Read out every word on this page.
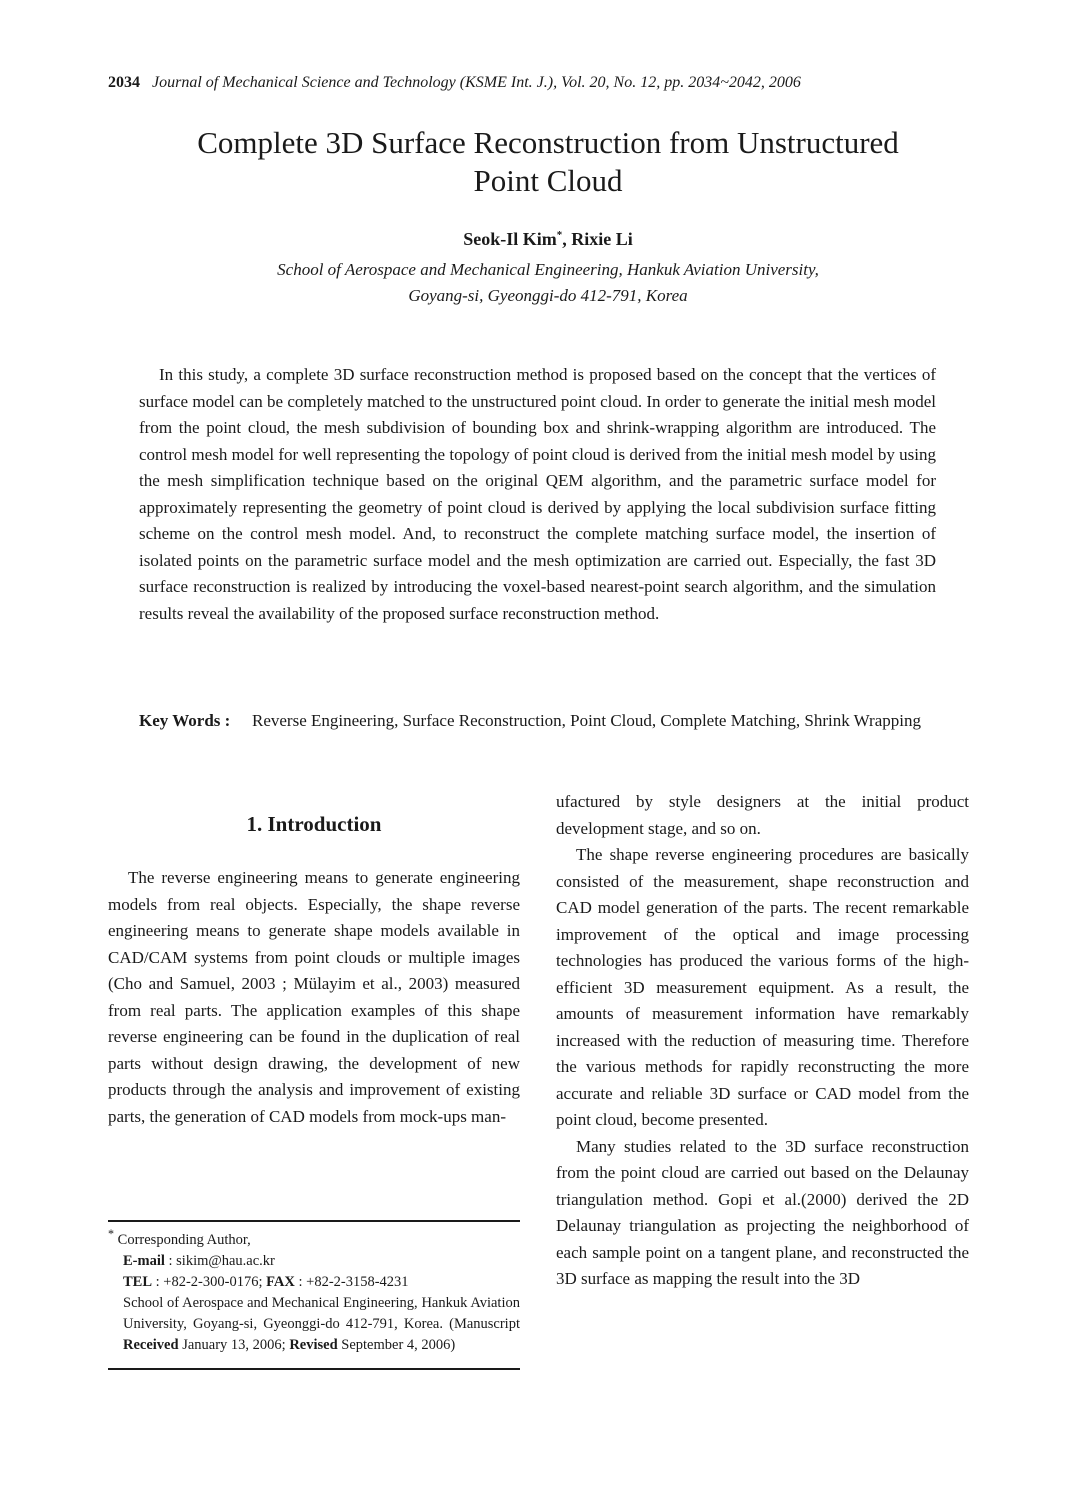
2034 Journal of Mechanical Science and Technology (KSME Int. J.), Vol. 20, No. 12, pp. 2034~2042, 2006
Complete 3D Surface Reconstruction from Unstructured
Point Cloud
Seok-Il Kim*, Rixie Li
School of Aerospace and Mechanical Engineering, Hankuk Aviation University,
Goyang-si, Gyeonggi-do 412-791, Korea

In this study, a complete 3D surface reconstruction method is proposed based on the concept that the vertices of surface model can be completely matched to the unstructured point cloud. In order to generate the initial mesh model from the point cloud, the mesh subdivision of bounding box and shrink-wrapping algorithm are introduced. The control mesh model for well representing the topology of point cloud is derived from the initial mesh model by using the mesh simplification technique based on the original QEM algorithm, and the parametric surface model for approximately representing the geometry of point cloud is derived by applying the local subdivision surface fitting scheme on the control mesh model. And, to reconstruct the complete matching surface model, the insertion of isolated points on the parametric surface model and the mesh optimization are carried out. Especially, the fast 3D surface reconstruction is realized by introducing the voxel-based nearest-point search algorithm, and the simulation results reveal the availability of the proposed surface reconstruction method.

Key Words : Reverse Engineering, Surface Reconstruction, Point Cloud, Complete Matching, Shrink Wrapping
1. Introduction

The reverse engineering means to generate engineering models from real objects. Especially, the shape reverse engineering means to generate shape models available in CAD/CAM systems from point clouds or multiple images (Cho and Samuel, 2003 ; Mülayim et al., 2003) measured from real parts. The application examples of this shape reverse engineering can be found in the duplication of real parts without design drawing, the development of new products through the analysis and improvement of existing parts, the generation of CAD models from mock-ups man-

* Corresponding Author,
E-mail : sikim@hau.ac.kr
TEL : +82-2-300-0176; FAX : +82-2-3158-4231
School of Aerospace and Mechanical Engineering, Hankuk Aviation University, Goyang-si, Gyeonggi-do 412-791, Korea. (Manuscript Received January 13, 2006; Revised September 4, 2006)

ufactured by style designers at the initial product development stage, and so on.

The shape reverse engineering procedures are basically consisted of the measurement, shape reconstruction and CAD model generation of the parts. The recent remarkable improvement of the optical and image processing technologies has produced the various forms of the high-efficient 3D measurement equipment. As a result, the amounts of measurement information have remarkably increased with the reduction of measuring time. Therefore the various methods for rapidly reconstructing the more accurate and reliable 3D surface or CAD model from the point cloud, become presented.

Many studies related to the 3D surface reconstruction from the point cloud are carried out based on the Delaunay triangulation method. Gopi et al.(2000) derived the 2D Delaunay triangulation as projecting the neighborhood of each sample point on a tangent plane, and reconstructed the 3D surface as mapping the result into the 3D
